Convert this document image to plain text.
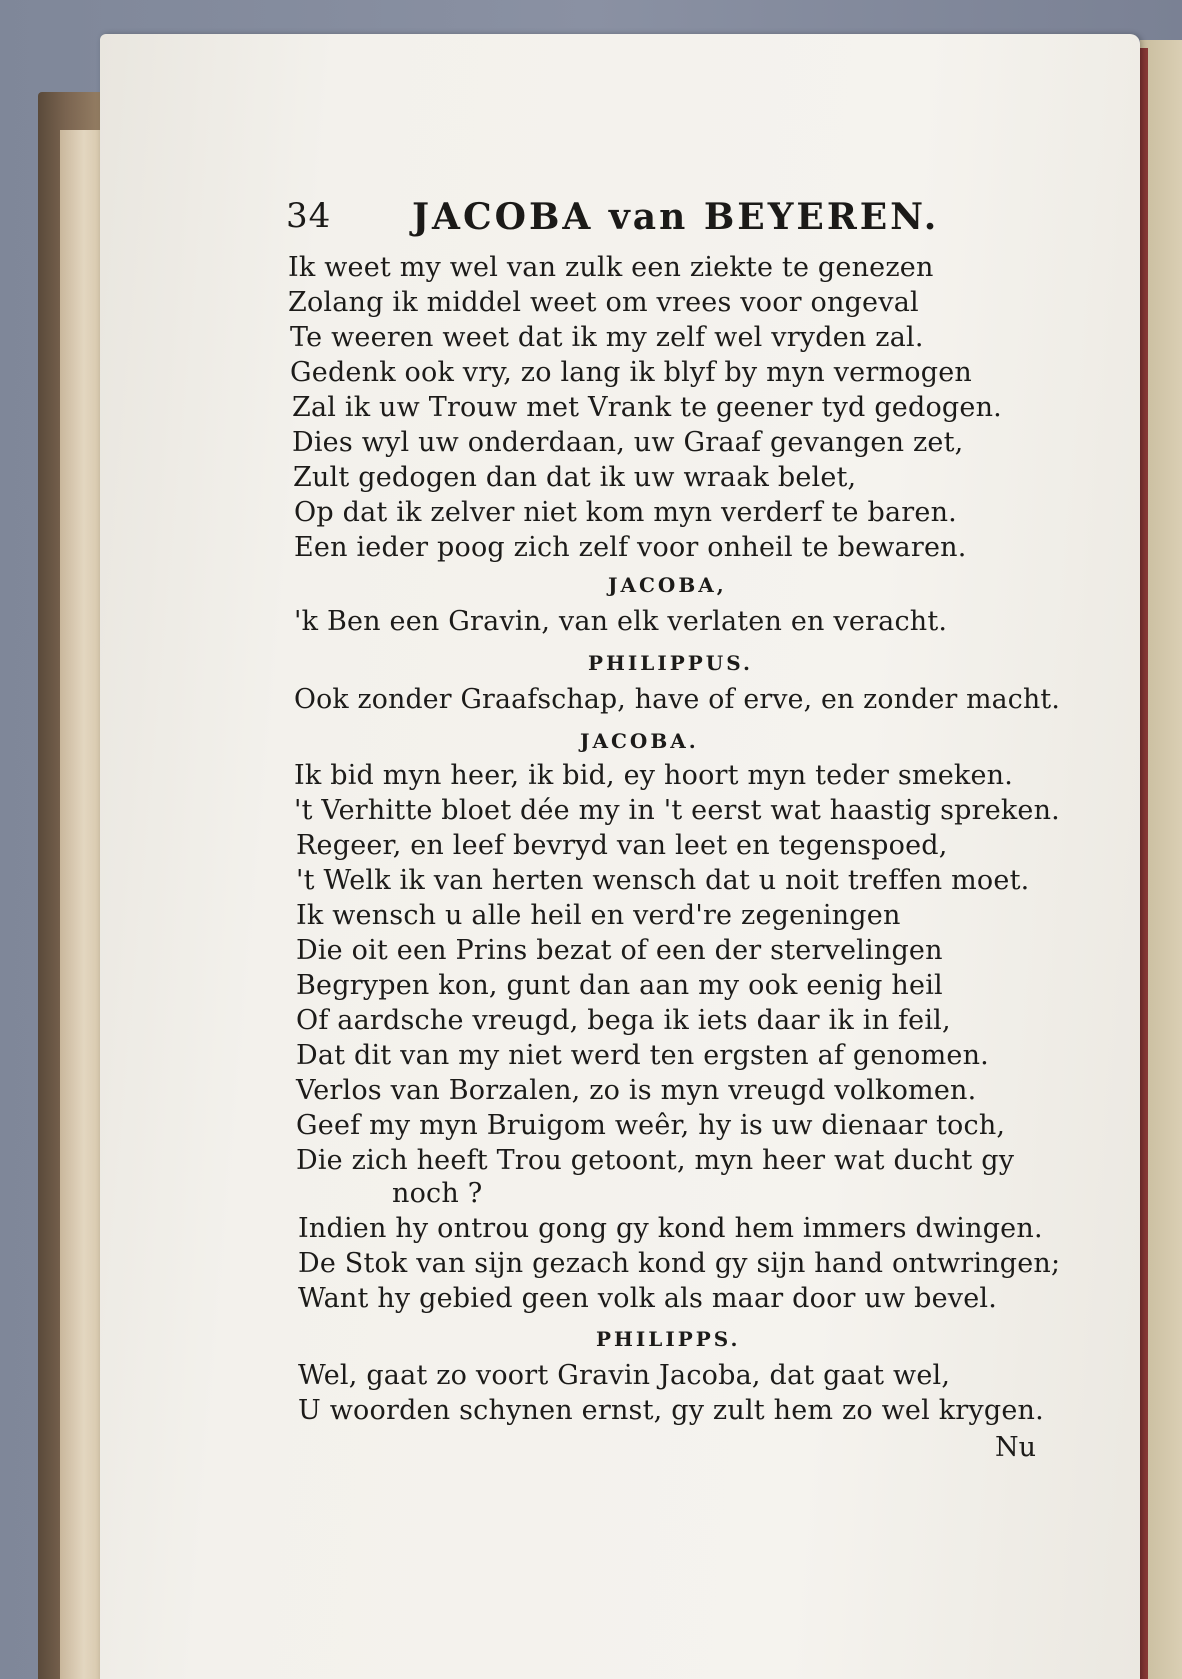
34 JACOBA van BEYEREN.
Ik weet my wel van zulk een ziekte te genezen
Zolang ik middel weet om vrees voor ongeval
Te weeren weet dat ik my zelf wel vryden zal.
Gedenk ook vry, zo lang ik blyf by myn vermogen
Zal ik uw Trouw met Vrank te geener tyd gedogen.
Dies wyl uw onderdaan, uw Graaf gevangen zet,
Zult gedogen dan dat ik uw wraak belet,
Op dat ik zelver niet kom myn verderf te baren.
Een ieder poog zich zelf voor onheil te bewaren.
JACOBA,
'k Ben een Gravin, van elk verlaten en veracht.
PHILIPPUS.
Ook zonder Graafschap, have of erve, en zonder macht.
JACOBA.
Ik bid myn heer, ik bid, ey hoort myn teder smeken.
't Verhitte bloet dée my in 't eerst wat haastig spreken.
Regeer, en leef bevryd van leet en tegenspoed,
't Welk ik van herten wensch dat u noit treffen moet.
Ik wensch u alle heil en verd're zegeningen
Die oit een Prins bezat of een der stervelingen
Begrypen kon, gunt dan aan my ook eenig heil
Of aardsche vreugd, bega ik iets daar ik in feil,
Dat dit van my niet werd ten ergsten af genomen.
Verlos van Borzalen, zo is myn vreugd volkomen.
Geef my myn Bruigom weêr, hy is uw dienaar toch,
Die zich heeft Trou getoont, myn heer wat ducht gy
noch ?
Indien hy ontrou gong gy kond hem immers dwingen.
De Stok van sijn gezach kond gy sijn hand ontwringen;
Want hy gebied geen volk als maar door uw bevel.
PHILIPPS.
Wel, gaat zo voort Gravin Jacoba, dat gaat wel,
U woorden schynen ernst, gy zult hem zo wel krygen.
Nu
